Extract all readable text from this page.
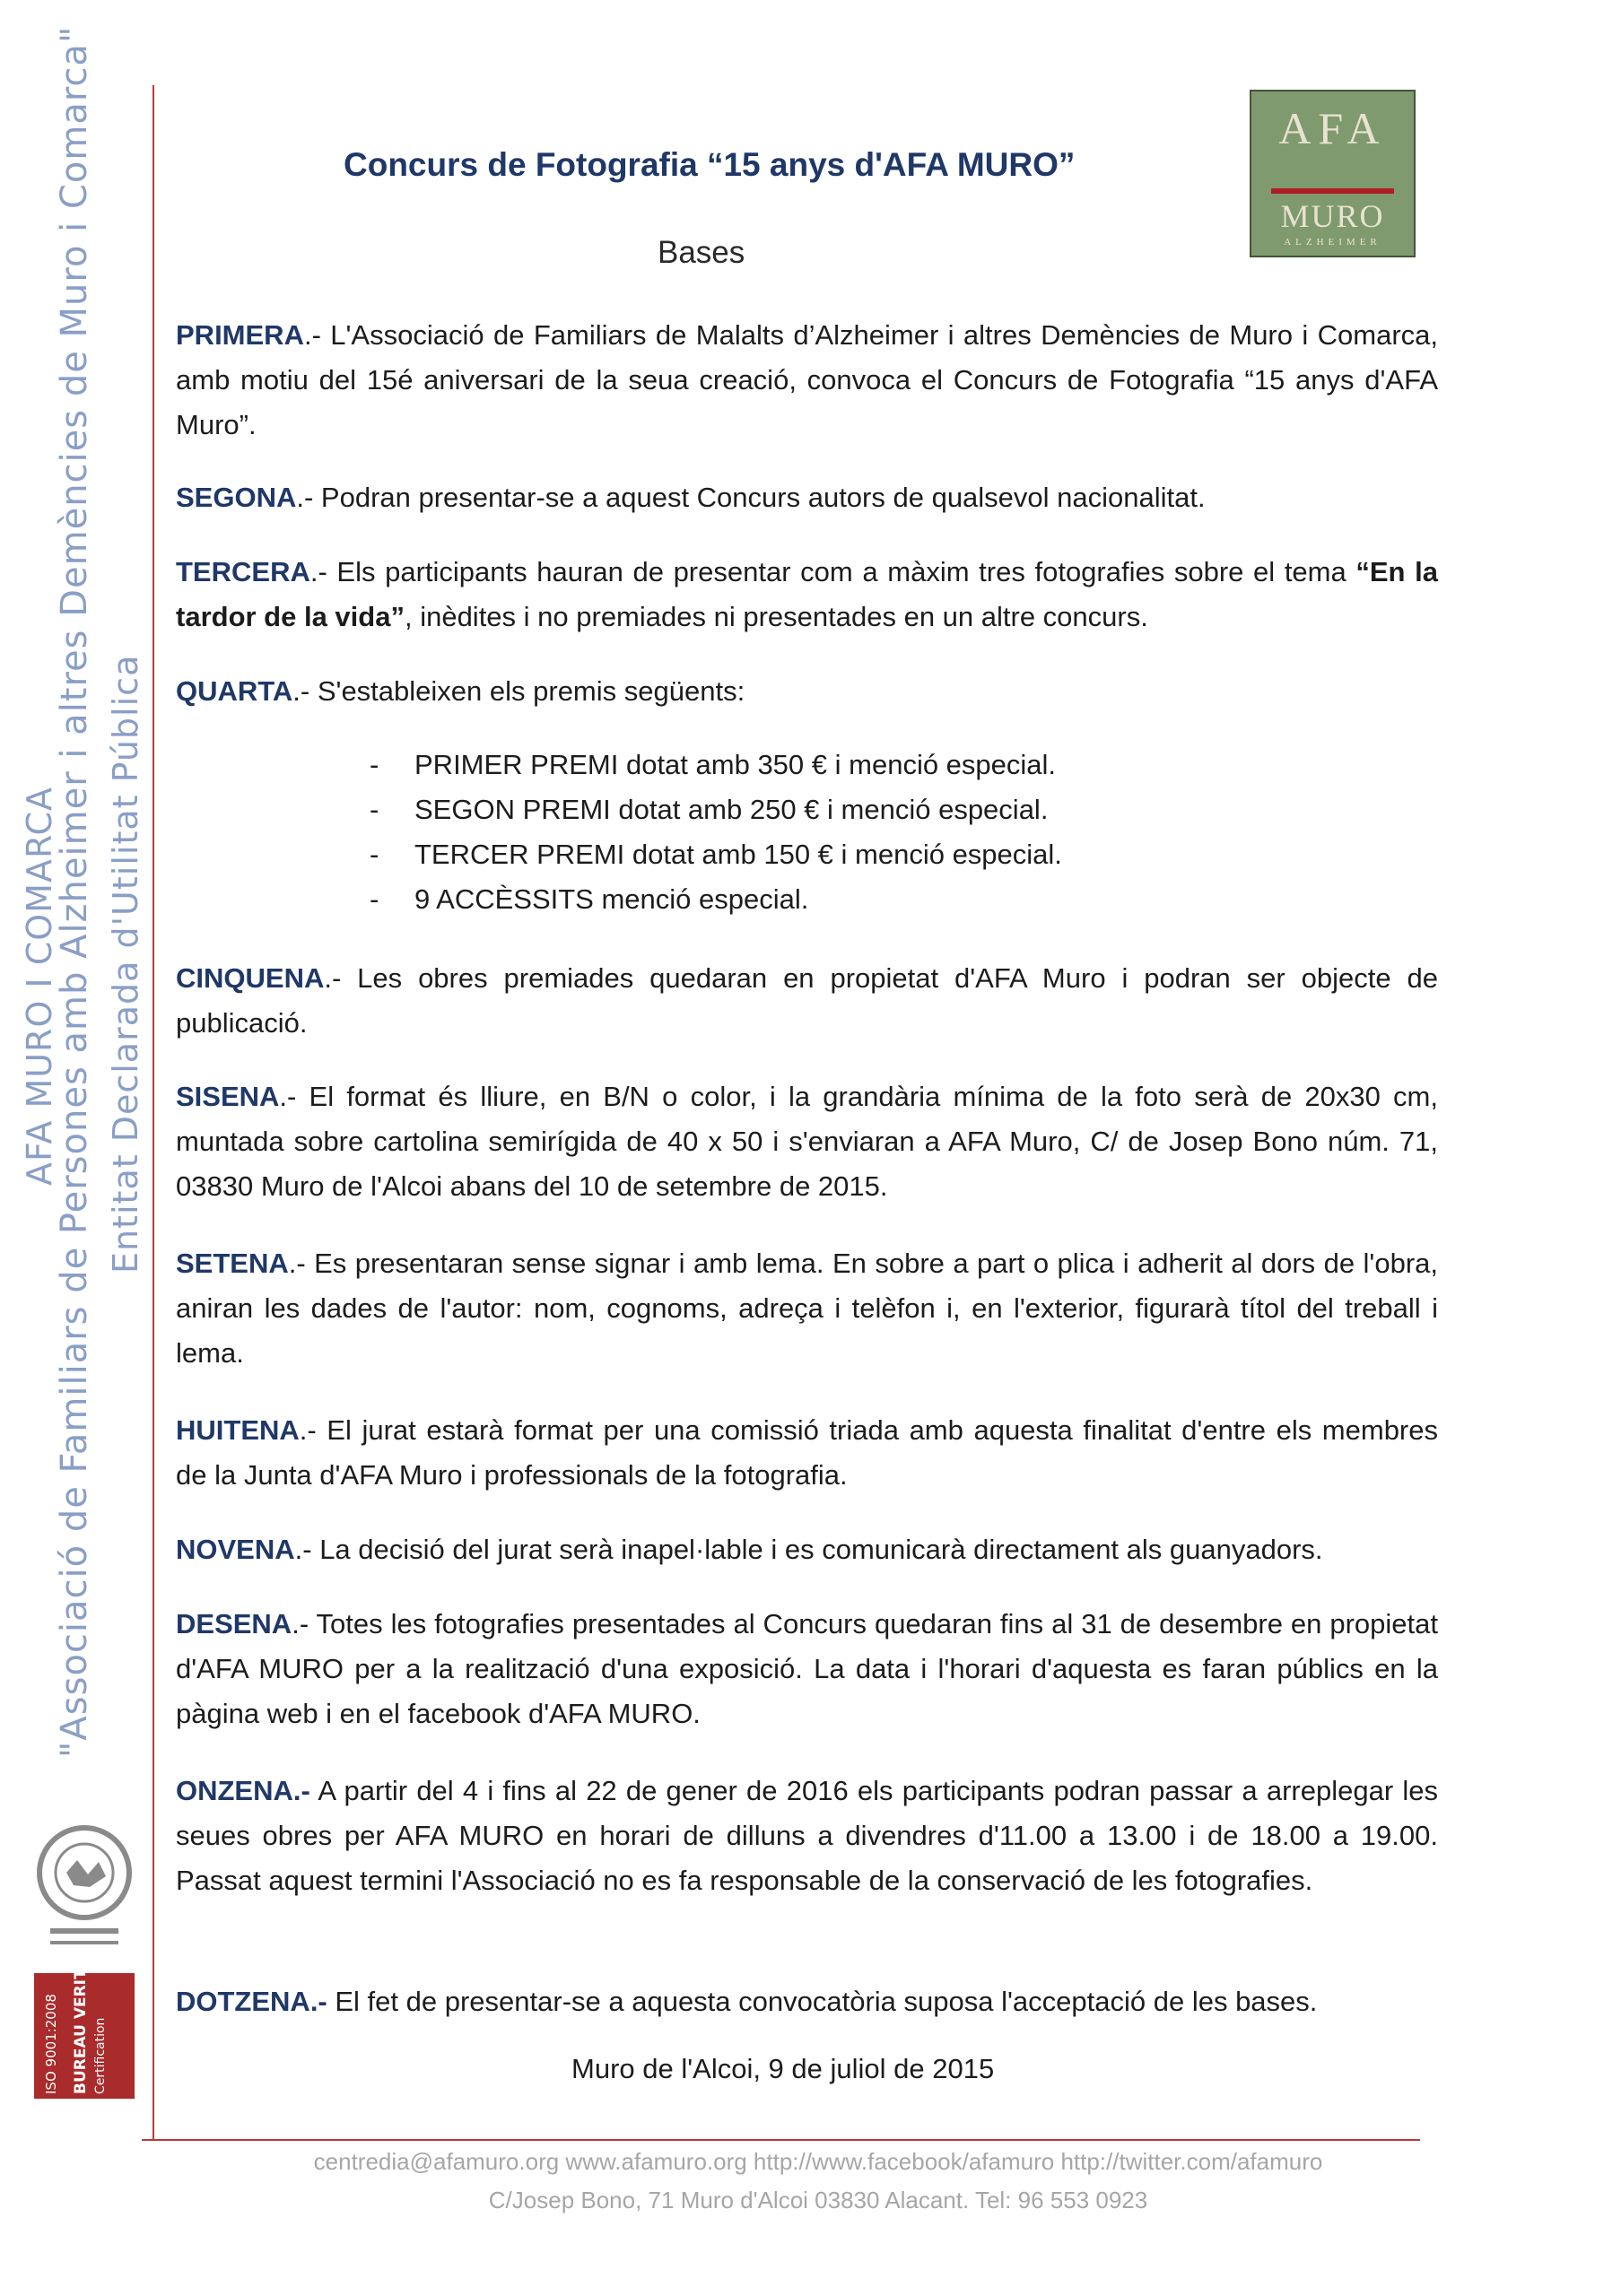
AFA MURO I COMARCA
"Associació de Familiars de Persones amb Alzheimer i altres Demències de Muro i Comarca" Entitat Declarada d'Utilitat Pública
ISO 9001:2008 BUREAU VERITAS Certification
AFA
MURO
ALZHEIMER
Concurs de Fotografia “15 anys d'AFA MURO”
Bases
PRIMERA.- L'Associació de Familiars de Malalts d’Alzheimer i altres Demències de Muro i Comarca, amb motiu del 15é aniversari de la seua creació, convoca el Concurs de Fotografia “15 anys d'AFA Muro”.
SEGONA.- Podran presentar-se a aquest Concurs autors de qualsevol nacionalitat.
TERCERA.- Els participants hauran de presentar com a màxim tres fotografies sobre el tema “En la tardor de la vida”, inèdites i no premiades ni presentades en un altre concurs.
QUARTA.- S'estableixen els premis següents:
- PRIMER PREMI dotat amb 350 € i menció especial.
- SEGON PREMI dotat amb 250 € i menció especial.
- TERCER PREMI dotat amb 150 € i menció especial.
- 9 ACCÈSSITS menció especial.
CINQUENA.- Les obres premiades quedaran en propietat d'AFA Muro i podran ser objecte de publicació.
SISENA.- El format és lliure, en B/N o color, i la grandària mínima de la foto serà de 20x30 cm, muntada sobre cartolina semirígida de 40 x 50 i s'enviaran a AFA Muro, C/ de Josep Bono núm. 71, 03830 Muro de l'Alcoi abans del 10 de setembre de 2015.
SETENA.- Es presentaran sense signar i amb lema. En sobre a part o plica i adherit al dors de l'obra, aniran les dades de l'autor: nom, cognoms, adreça i telèfon i, en l'exterior, figurarà títol del treball i lema.
HUITENA.- El jurat estarà format per una comissió triada amb aquesta finalitat d'entre els membres de la Junta d'AFA Muro i professionals de la fotografia.
NOVENA.- La decisió del jurat serà inapel·lable i es comunicarà directament als guanyadors.
DESENA.- Totes les fotografies presentades al Concurs quedaran fins al 31 de desembre en propietat d'AFA MURO per a la realització d'una exposició. La data i l'horari d'aquesta es faran públics en la pàgina web i en el facebook d'AFA MURO.
ONZENA.- A partir del 4 i fins al 22 de gener de 2016 els participants podran passar a arreplegar les seues obres per AFA MURO en horari de dilluns a divendres d'11.00 a 13.00 i de 18.00 a 19.00. Passat aquest termini l'Associació no es fa responsable de la conservació de les fotografies.
DOTZENA.- El fet de presentar-se a aquesta convocatòria suposa l'acceptació de les bases.
Muro de l'Alcoi, 9 de juliol de 2015
centredia@afamuro.org www.afamuro.org http://www.facebook/afamuro http://twitter.com/afamuro
C/Josep Bono, 71 Muro d'Alcoi 03830 Alacant. Tel: 96 553 0923
